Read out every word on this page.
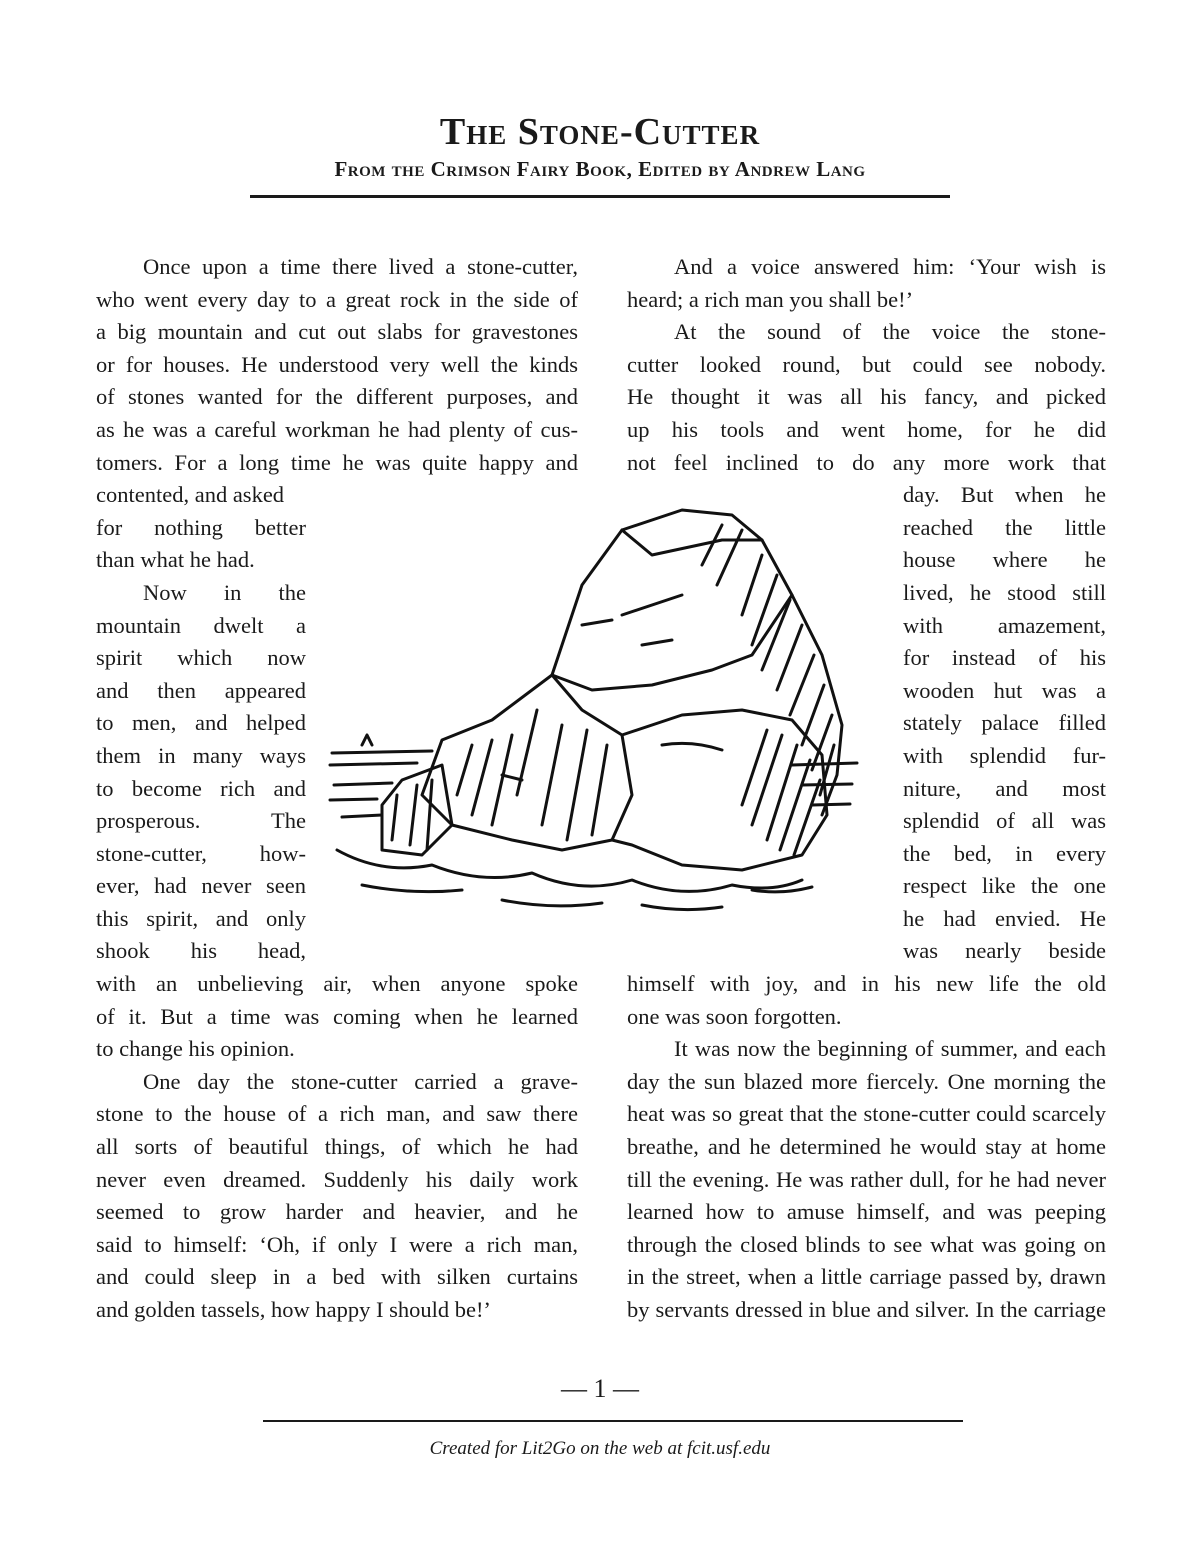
The Stone-Cutter
From the Crimson Fairy Book, Edited by Andrew Lang
Once upon a time there lived a stone-cutter,
who went every day to a great rock in the side of
a big mountain and cut out slabs for gravestones
or for houses. He understood very well the kinds
of stones wanted for the different purposes, and
as he was a careful workman he had plenty of cus-
tomers. For a long time he was quite happy and
contented, and asked
for nothing better
than what he had.
Now in the
mountain dwelt a
spirit which now
and then appeared
to men, and helped
them in many ways
to become rich and
prosperous. The
stone-cutter, how-
ever, had never seen
this spirit, and only
shook his head,
with an unbelieving air, when anyone spoke
of it. But a time was coming when he learned
to change his opinion.
One day the stone-cutter carried a grave-
stone to the house of a rich man, and saw there
all sorts of beautiful things, of which he had
never even dreamed. Suddenly his daily work
seemed to grow harder and heavier, and he
said to himself: ‘Oh, if only I were a rich man,
and could sleep in a bed with silken curtains
and golden tassels, how happy I should be!’
And a voice answered him: ‘Your wish is
heard; a rich man you shall be!’
At the sound of the voice the stone-
cutter looked round, but could see nobody.
He thought it was all his fancy, and picked
up his tools and went home, for he did
not feel inclined to do any more work that
day. But when he
reached the little
house where he
lived, he stood still
with amazement,
for instead of his
wooden hut was a
stately palace filled
with splendid fur-
niture, and most
splendid of all was
the bed, in every
respect like the one
he had envied. He
was nearly beside
himself with joy, and in his new life the old
one was soon forgotten.
It was now the beginning of summer, and each
day the sun blazed more fiercely. One morning the
heat was so great that the stone-cutter could scarcely
breathe, and he determined he would stay at home
till the evening. He was rather dull, for he had never
learned how to amuse himself, and was peeping
through the closed blinds to see what was going on
in the street, when a little carriage passed by, drawn
by servants dressed in blue and silver. In the carriage
— 1 —
Created for Lit2Go on the web at fcit.usf.edu
